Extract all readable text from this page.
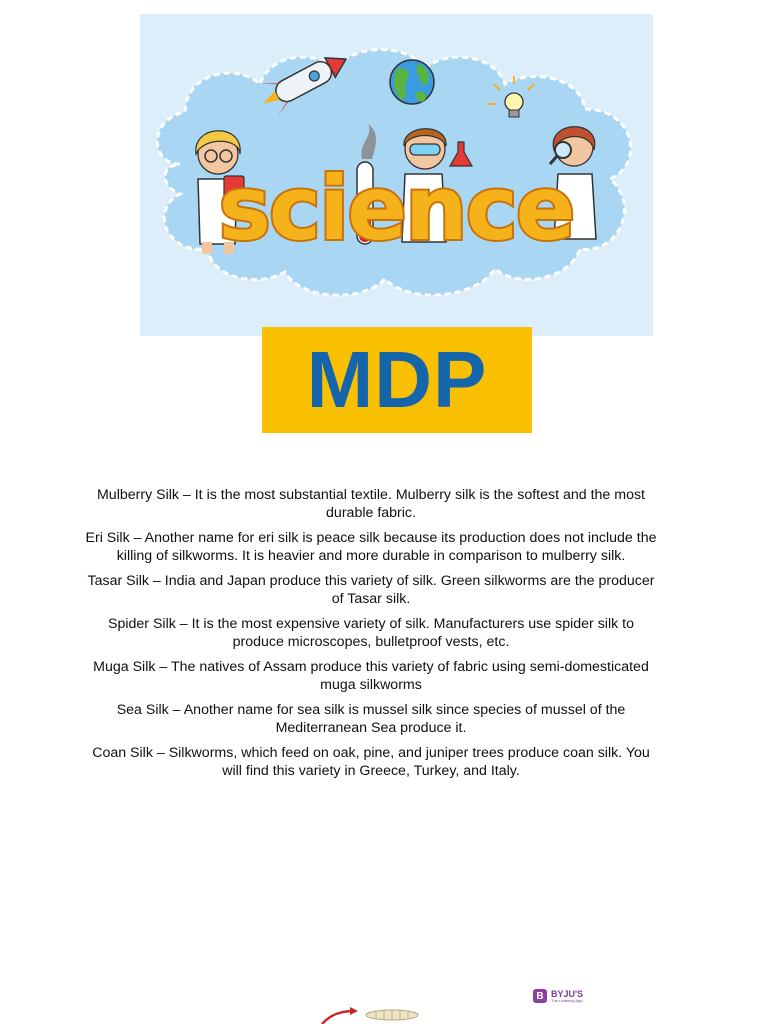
science
MDP

Mulberry Silk – It is the most substantial textile. Mulberry silk is the softest and the most durable fabric.

Eri Silk – Another name for eri silk is peace silk because its production does not include the killing of silkworms. It is heavier and more durable in comparison to mulberry silk.

Tasar Silk – India and Japan produce this variety of silk. Green silkworms are the producer of Tasar silk.

Spider Silk – It is the most expensive variety of silk. Manufacturers use spider silk to produce microscopes, bulletproof vests, etc.

Muga Silk – The natives of Assam produce this variety of fabric using semi-domesticated muga silkworms

Sea Silk – Another name for sea silk is mussel silk since species of mussel of the Mediterranean Sea produce it.

Coan Silk – Silkworms, which feed on oak, pine, and juniper trees produce coan silk. You will find this variety in Greece, Turkey, and Italy.

B BYJU'S
The Learning App
